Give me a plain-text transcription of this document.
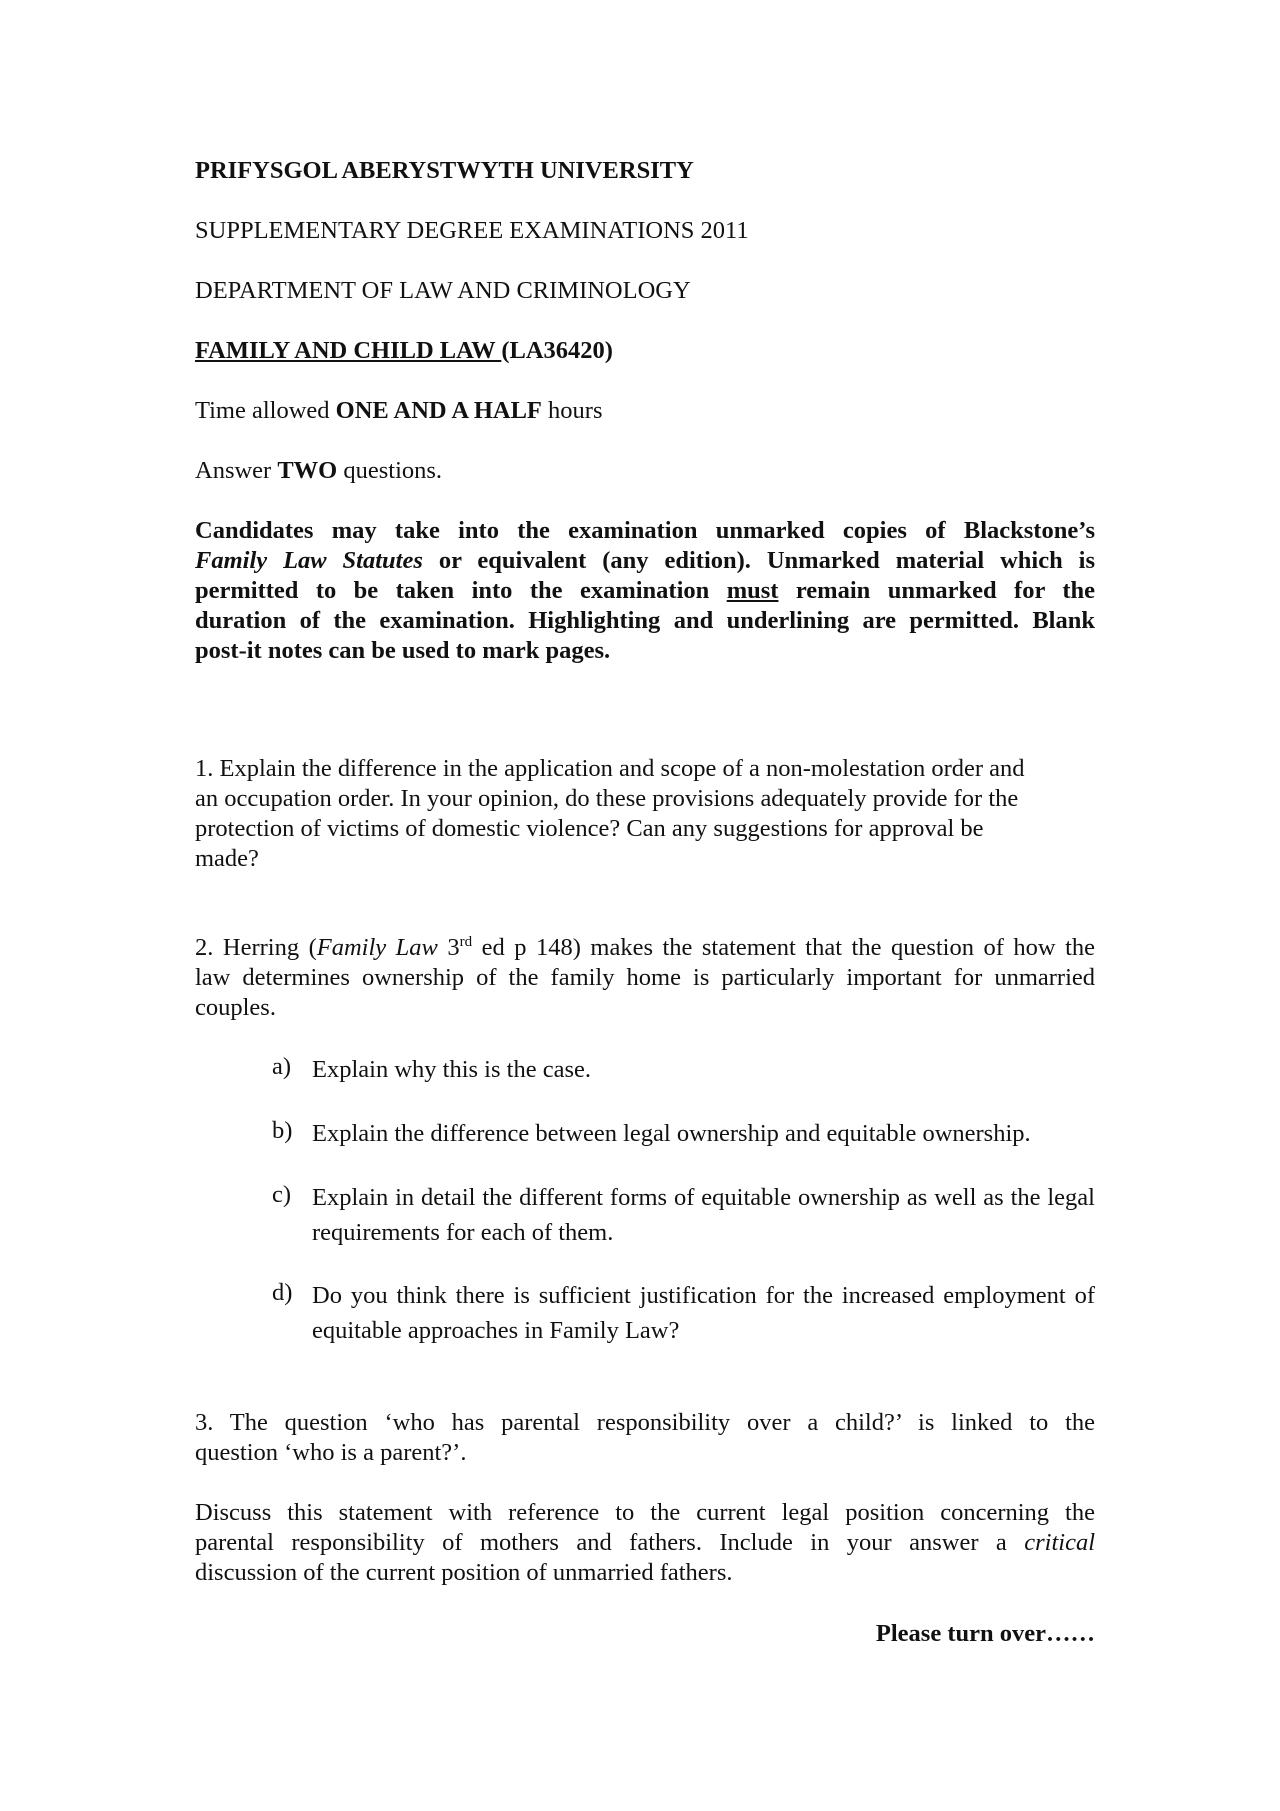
PRIFYSGOL ABERYSTWYTH UNIVERSITY

SUPPLEMENTARY DEGREE EXAMINATIONS 2011

DEPARTMENT OF LAW AND CRIMINOLOGY

FAMILY AND CHILD LAW (LA36420)

Time allowed ONE AND A HALF hours

Answer TWO questions.

Candidates may take into the examination unmarked copies of Blackstone’s

Family Law Statutes or equivalent (any edition). Unmarked material which is

permitted to be taken into the examination must remain unmarked for the

duration of the examination. Highlighting and underlining are permitted. Blank

post-it notes can be used to mark pages.

1. Explain the difference in the application and scope of a non-molestation order and

an occupation order. In your opinion, do these provisions adequately provide for the

protection of victims of domestic violence? Can any suggestions for approval be

made?

2. Herring (Family Law 3rd ed p 148) makes the statement that the question of how the

law determines ownership of the family home is particularly important for unmarried

couples.

a) Explain why this is the case.
b) Explain the difference between legal ownership and equitable ownership.
c) Explain in detail the different forms of equitable ownership as well as the legal requirements for each of them.
d) Do you think there is sufficient justification for the increased employment of equitable approaches in Family Law?

3. The question ‘who has parental responsibility over a child?’ is linked to the

question ‘who is a parent?’.

Discuss this statement with reference to the current legal position concerning the

parental responsibility of mothers and fathers. Include in your answer a critical

discussion of the current position of unmarried fathers.

Please turn over……
